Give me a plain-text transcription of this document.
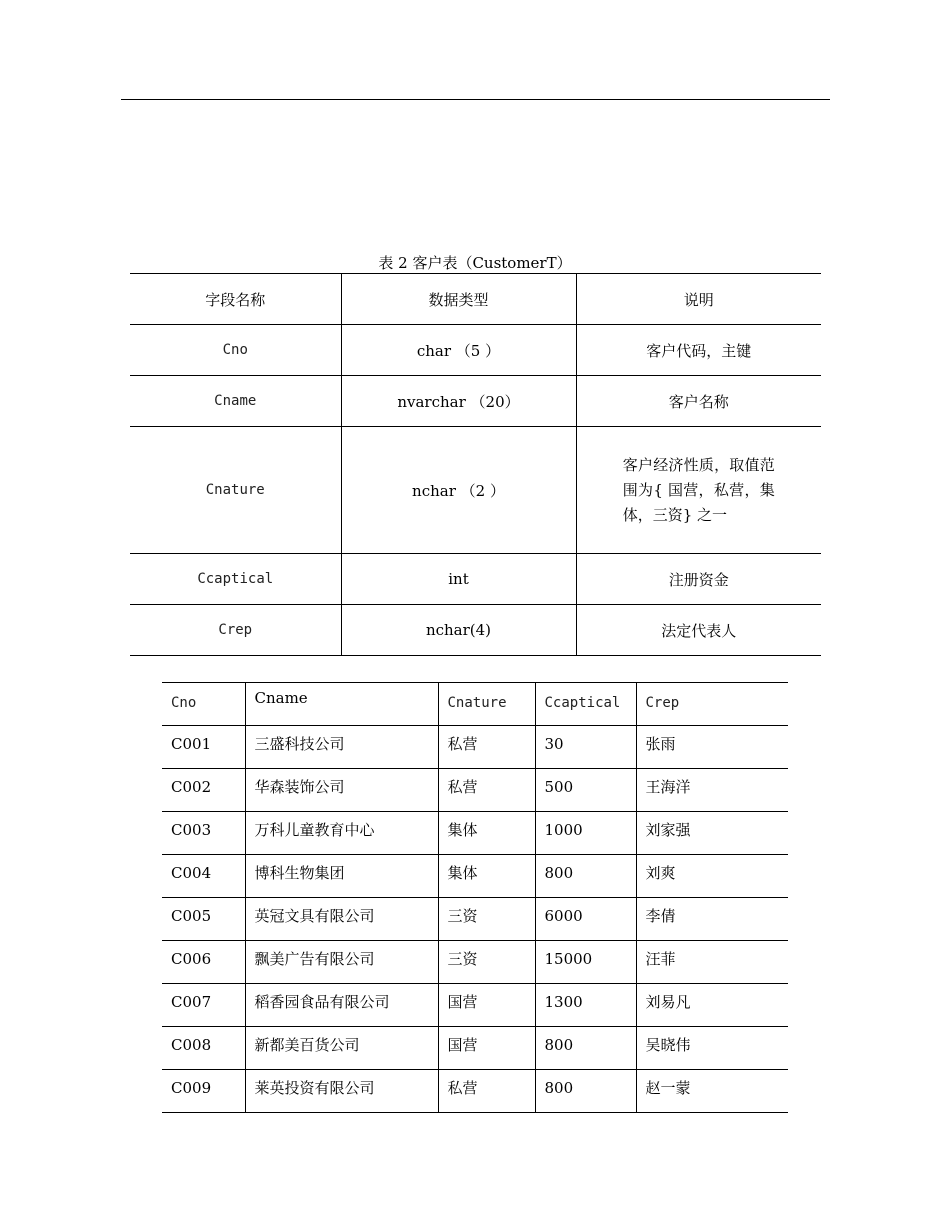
表 2 客户表（CustomerT）
字段名称	数据类型	说明
Cno	char （5 ）	客户代码，主键
Cname	nvarchar （20）	客户名称
Cnature	nchar （2 ）	客户经济性质，取值范围为{ 国营，私营，集体，三资} 之一

Ccaptical	int	注册资金
Crep	nchar(4)	法定代表人
Cno	Cname	Cnature	Ccaptical	Crep

C001	三盛科技公司	私营	30	张雨

C002	华森装饰公司	私营	500	王海洋

C003	万科儿童教育中心	集体	1000	刘家强

C004	博科生物集团	集体	800	刘爽

C005	英冠文具有限公司	三资	6000	李倩

C006	飘美广告有限公司	三资	15000	汪菲

C007	稻香园食品有限公司	国营	1300	刘易凡

C008	新都美百货公司	国营	800	吴晓伟

C009	莱英投资有限公司	私营	800	赵一蒙
